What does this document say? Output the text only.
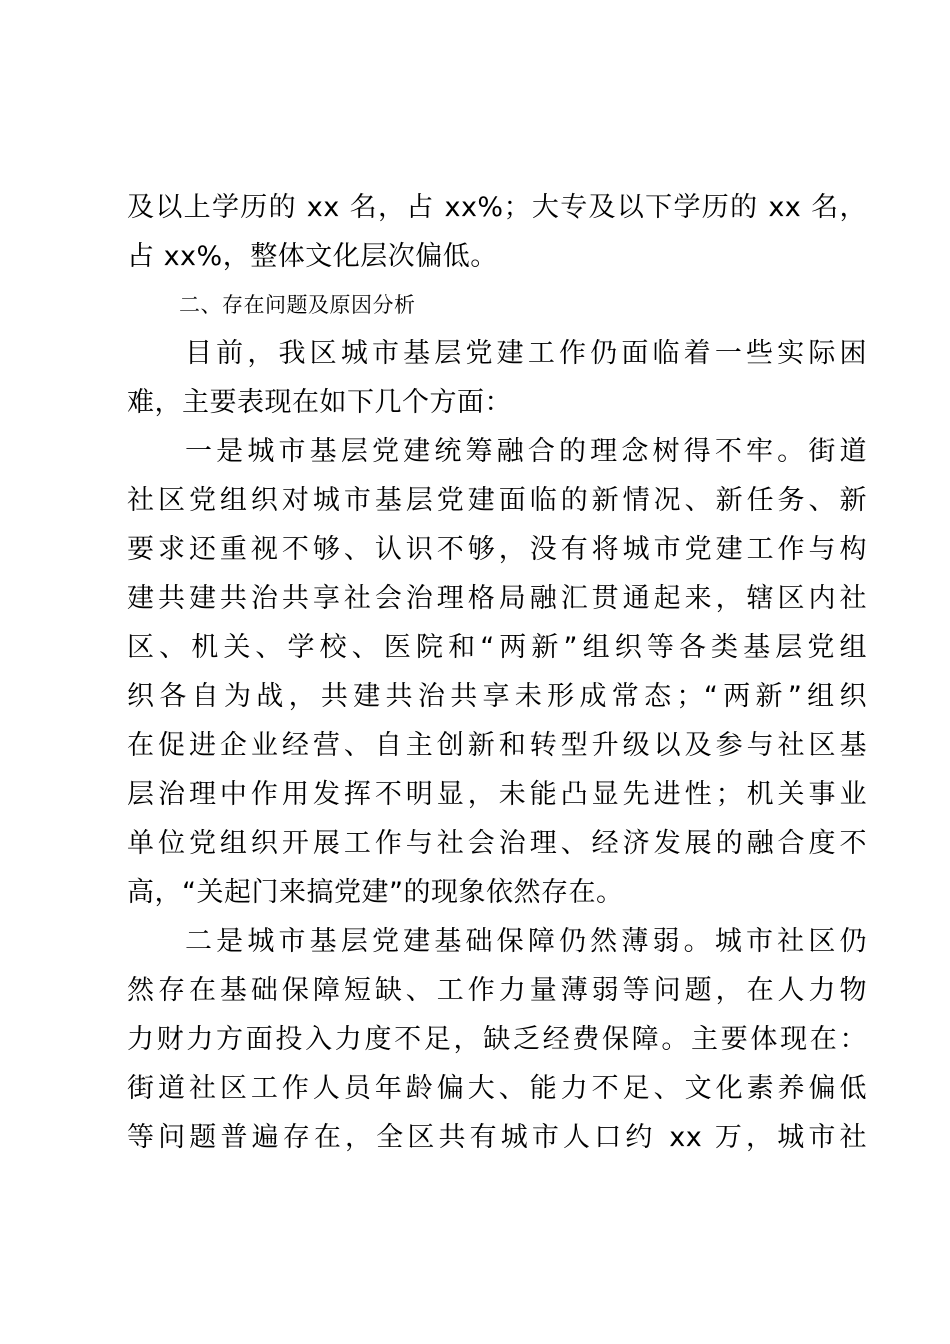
及以上学历的 xx 名，占 xx%；大专及以下学历的 xx 名，
占 xx%，整体文化层次偏低。
二、存在问题及原因分析
目前，我区城市基层党建工作仍面临着一些实际困
难，主要表现在如下几个方面：
一是城市基层党建统筹融合的理念树得不牢。街道
社区党组织对城市基层党建面临的新情况、新任务、新
要求还重视不够、认识不够，没有将城市党建工作与构
建共建共治共享社会治理格局融汇贯通起来，辖区内社
区、机关、学校、医院和“两新”组织等各类基层党组
织各自为战，共建共治共享未形成常态；“两新”组织
在促进企业经营、自主创新和转型升级以及参与社区基
层治理中作用发挥不明显，未能凸显先进性；机关事业
单位党组织开展工作与社会治理、经济发展的融合度不
高，“关起门来搞党建”的现象依然存在。
二是城市基层党建基础保障仍然薄弱。城市社区仍
然存在基础保障短缺、工作力量薄弱等问题，在人力物
力财力方面投入力度不足，缺乏经费保障。主要体现在：
街道社区工作人员年龄偏大、能力不足、文化素养偏低
等问题普遍存在，全区共有城市人口约 xx 万，城市社
